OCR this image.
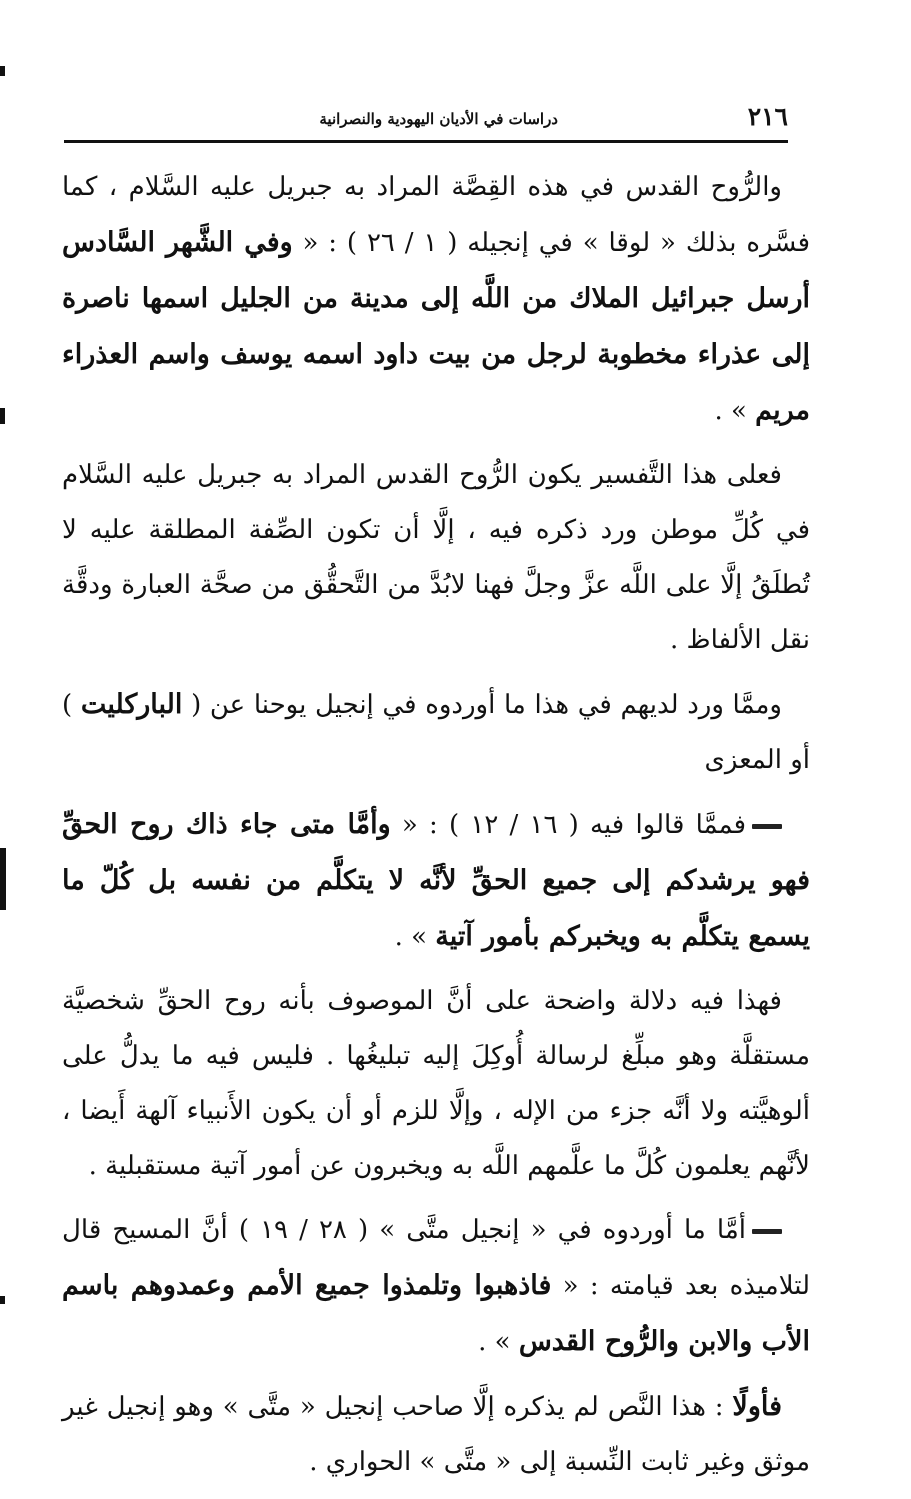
٢١٦
دراسات في الأديان اليهودية والنصرانية

والرُّوح القدس في هذه القِصَّة المراد به جبريل عليه السَّلام ، كما فسَّره بذلك « لوقا » في إنجيله ( ١ / ٢٦ ) : « وفي الشَّهر السَّادس أرسل جبرائيل الملاك من اللَّه إلى مدينة من الجليل اسمها ناصرة إلى عذراء مخطوبة لرجل من بيت داود اسمه يوسف واسم العذراء مريم » .

فعلى هذا التَّفسير يكون الرُّوح القدس المراد به جبريل عليه السَّلام في كُلِّ موطن ورد ذكره فيه ، إلَّا أن تكون الصِّفة المطلقة عليه لا تُطلَقُ إلَّا على اللَّه عزَّ وجلَّ فهنا لابُدَّ من التَّحقُّق من صحَّة العبارة ودقَّة نقل الألفاظ .

وممَّا ورد لديهم في هذا ما أوردوه في إنجيل يوحنا عن ( الباركليت ) أو المعزى

فممَّا قالوا فيه ( ١٦ / ١٢ ) : « وأمَّا متى جاء ذاك روح الحقِّ فهو يرشدكم إلى جميع الحقِّ لأنَّه لا يتكلَّم من نفسه بل كُلّ ما يسمع يتكلَّم به ويخبركم بأمور آتية » .

فهذا فيه دلالة واضحة على أنَّ الموصوف بأنه روح الحقِّ شخصيَّة مستقلَّة وهو مبلِّغ لرسالة أُوكِلَ إليه تبليغُها . فليس فيه ما يدلُّ على ألوهيَّته ولا أنَّه جزء من الإله ، وإلَّا للزم أو أن يكون الأَنبياء آلهة أَيضا ، لأنَّهم يعلمون كُلَّ ما علَّمهم اللَّه به ويخبرون عن أمور آتية مستقبلية .

أمَّا ما أوردوه في « إنجيل متَّى » ( ٢٨ / ١٩ ) أنَّ المسيح قال لتلاميذه بعد قيامته : « فاذهبوا وتلمذوا جميع الأمم وعمدوهم باسم الأب والابن والرُّوح القدس » .

فأولًا : هذا النَّص لم يذكره إلَّا صاحب إنجيل « متَّى » وهو إنجيل غير موثق وغير ثابت النِّسبة إلى « متَّى » الحواري .
